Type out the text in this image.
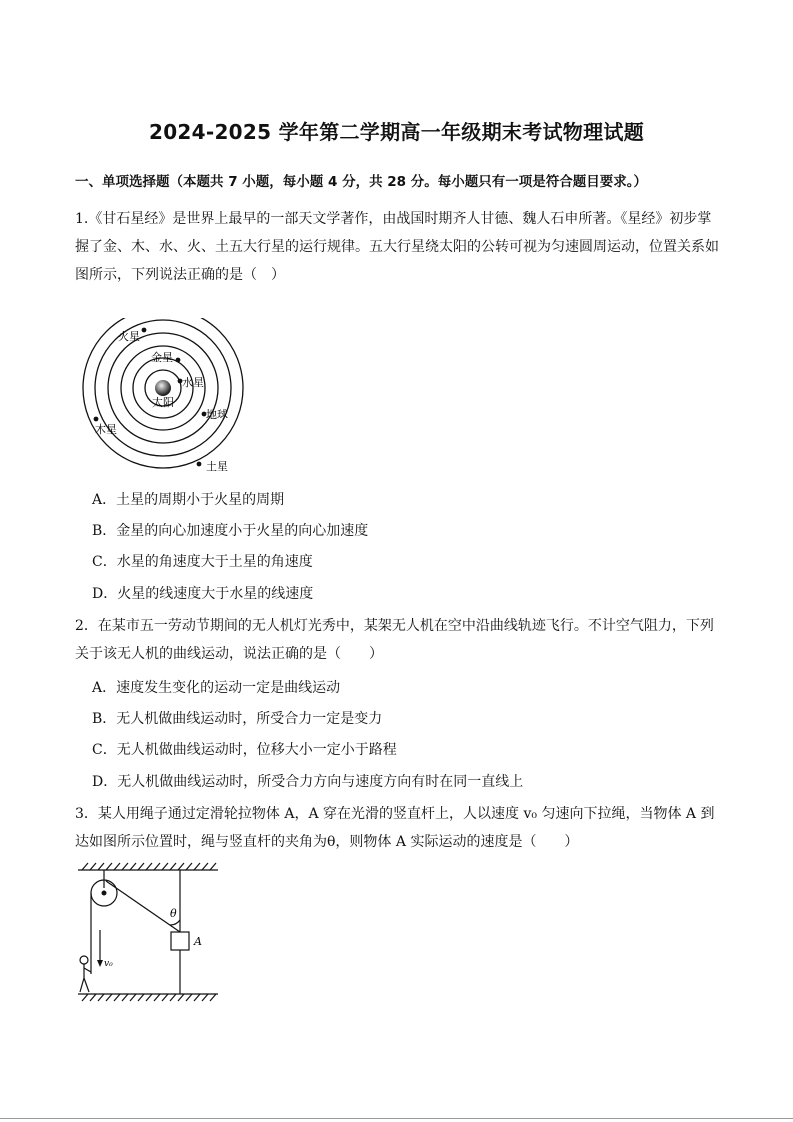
2024-2025 学年第二学期高一年级期末考试物理试题
一、单项选择题（本题共 7 小题，每小题 4 分，共 28 分。每小题只有一项是符合题目要求。）
1.《甘石星经》是世界上最早的一部天文学著作，由战国时期齐人甘德、魏人石申所著。《星经》初步掌握了金、木、水、火、土五大行星的运行规律。五大行星绕太阳的公转可视为匀速圆周运动，位置关系如图所示，下列说法正确的是（　）
太阳
水星
金星
地球
火星
木星
土星
A．土星的周期小于火星的周期
B．金星的向心加速度小于火星的向心加速度
C．水星的角速度大于土星的角速度
D．火星的线速度大于水星的线速度
2．在某市五一劳动节期间的无人机灯光秀中，某架无人机在空中沿曲线轨迹飞行。不计空气阻力，下列关于该无人机的曲线运动，说法正确的是（　　）
A．速度发生变化的运动一定是曲线运动
B．无人机做曲线运动时，所受合力一定是变力
C．无人机做曲线运动时，位移大小一定小于路程
D．无人机做曲线运动时，所受合力方向与速度方向有时在同一直线上
3．某人用绳子通过定滑轮拉物体 A，A 穿在光滑的竖直杆上，人以速度 v₀ 匀速向下拉绳，当物体 A 到达如图所示位置时，绳与竖直杆的夹角为θ，则物体 A 实际运动的速度是（　　）
θ
A
v₀
